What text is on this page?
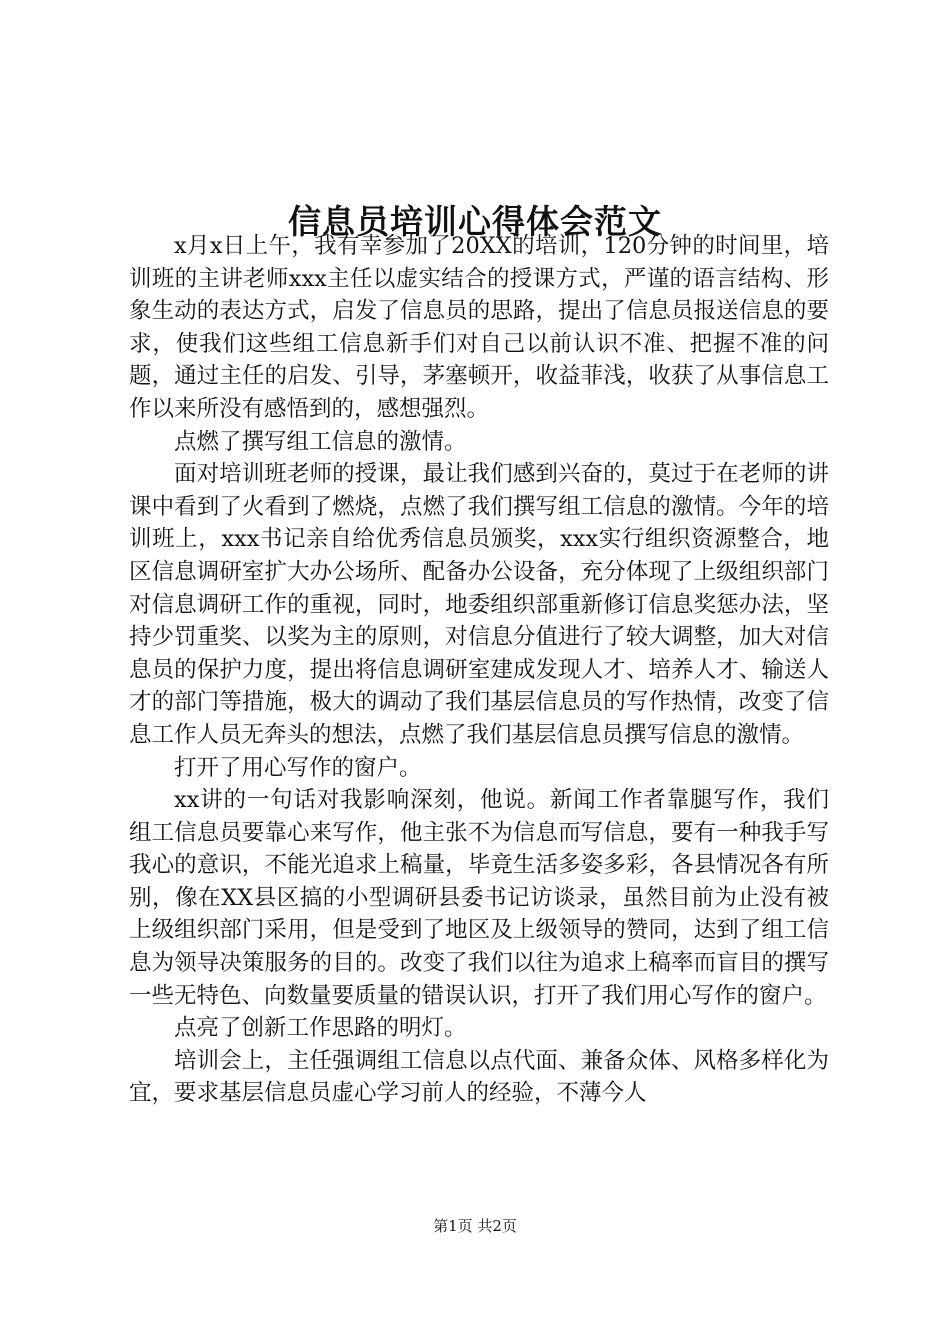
信息员培训心得体会范文

x月x日上午，我有幸参加了20XX的培训，120分钟的时间里，培训班的主讲老师xxx主任以虚实结合的授课方式，严谨的语言结构、形象生动的表达方式，启发了信息员的思路，提出了信息员报送信息的要求，使我们这些组工信息新手们对自己以前认识不准、把握不准的问题，通过主任的启发、引导，茅塞顿开，收益菲浅，收获了从事信息工作以来所没有感悟到的，感想强烈。

点燃了撰写组工信息的激情。

面对培训班老师的授课，最让我们感到兴奋的，莫过于在老师的讲课中看到了火看到了燃烧，点燃了我们撰写组工信息的激情。今年的培训班上，xxx书记亲自给优秀信息员颁奖，xxx实行组织资源整合，地区信息调研室扩大办公场所、配备办公设备，充分体现了上级组织部门对信息调研工作的重视，同时，地委组织部重新修订信息奖惩办法，坚持少罚重奖、以奖为主的原则，对信息分值进行了较大调整，加大对信息员的保护力度，提出将信息调研室建成发现人才、培养人才、输送人才的部门等措施，极大的调动了我们基层信息员的写作热情，改变了信息工作人员无奔头的想法，点燃了我们基层信息员撰写信息的激情。

打开了用心写作的窗户。

xx讲的一句话对我影响深刻，他说。新闻工作者靠腿写作，我们组工信息员要靠心来写作，他主张不为信息而写信息，要有一种我手写我心的意识，不能光追求上稿量，毕竟生活多姿多彩，各县情况各有所别，像在XX县区搞的小型调研县委书记访谈录，虽然目前为止没有被上级组织部门采用，但是受到了地区及上级领导的赞同，达到了组工信息为领导决策服务的目的。改变了我们以往为追求上稿率而盲目的撰写一些无特色、向数量要质量的错误认识，打开了我们用心写作的窗户。

点亮了创新工作思路的明灯。

培训会上，主任强调组工信息以点代面、兼备众体、风格多样化为宜，要求基层信息员虚心学习前人的经验，不薄今人

第1页 共2页
